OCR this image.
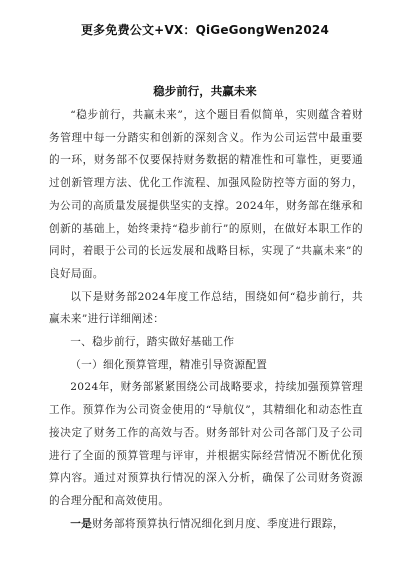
更多免费公文+VX：QiGeGongWen2024
稳步前行，共赢未来

“稳步前行，共赢未来”，这个题目看似简单，实则蕴含着财务管理中每一分踏实和创新的深刻含义。作为公司运营中最重要的一环，财务部不仅要保持财务数据的精准性和可靠性，更要通过创新管理方法、优化工作流程、加强风险防控等方面的努力，为公司的高质量发展提供坚实的支撑。2024年，财务部在继承和创新的基础上，始终秉持“稳步前行”的原则，在做好本职工作的同时，着眼于公司的长远发展和战略目标，实现了“共赢未来”的良好局面。

以下是财务部2024年度工作总结，围绕如何“稳步前行，共赢未来”进行详细阐述：

一、稳步前行，踏实做好基础工作

（一）细化预算管理，精准引导资源配置

2024年，财务部紧紧围绕公司战略要求，持续加强预算管理工作。预算作为公司资金使用的“导航仪”，其精细化和动态性直接决定了财务工作的高效与否。财务部针对公司各部门及子公司进行了全面的预算管理与评审，并根据实际经营情况不断优化预算内容。通过对预算执行情况的深入分析，确保了公司财务资源的合理分配和高效使用。

一是财务部将预算执行情况细化到月度、季度进行跟踪，
